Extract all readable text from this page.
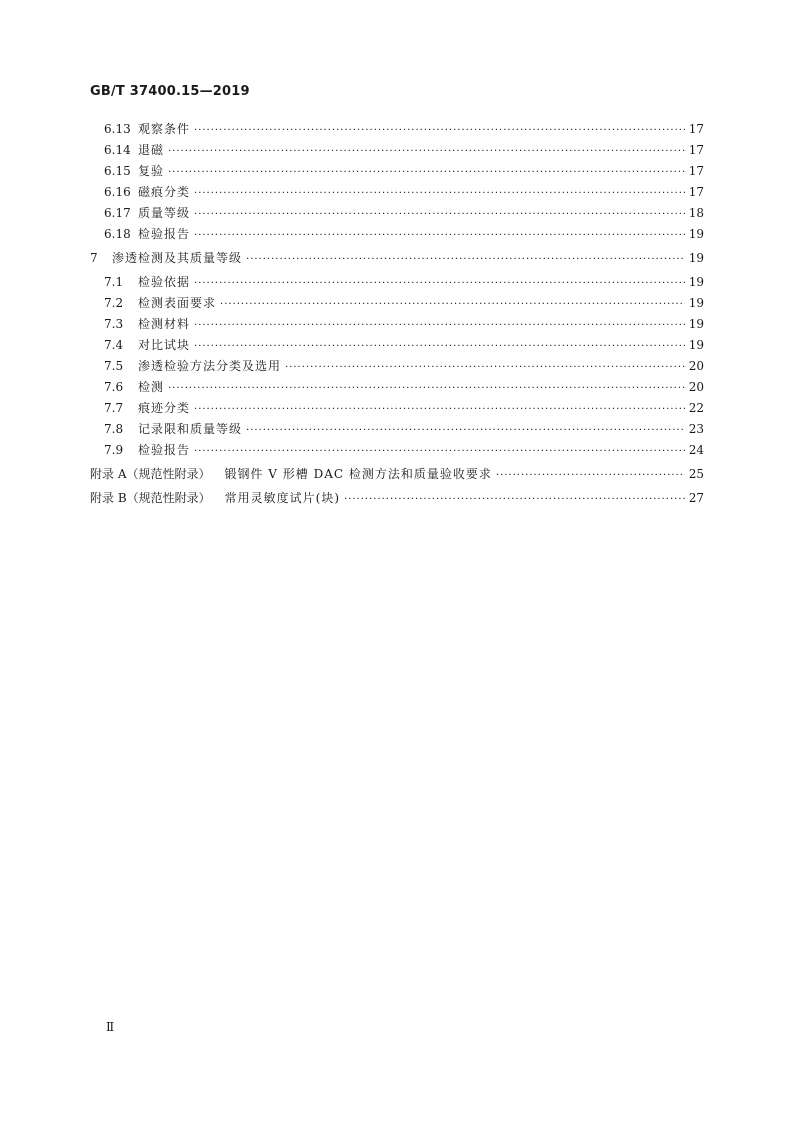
GB/T 37400.15—2019
6.13 观察条件 ·····	17
6.14 退磁 ·····	17
6.15 复验 ·····	17
6.16 磁痕分类 ·····	17
6.17 质量等级 ·····	18
6.18 检验报告 ·····	19
7	渗透检测及其质量等级 ·····	19
7.1	检验依据 ·····	19
7.2	检测表面要求 ·····	19
7.3	检测材料 ·····	19
7.4	对比试块 ·····	19
7.5	渗透检验方法分类及选用 ·····	20
7.6	检测 ·····	20
7.7	痕迹分类 ·····	22
7.8	记录限和质量等级 ·····	23
7.9	检验报告 ·····	24
附录 A（规范性附录） 锻钢件 V 形槽 DAC 检测方法和质量验收要求 ·····	25
附录 B（规范性附录） 常用灵敏度试片(块) ·····	27
Ⅱ
